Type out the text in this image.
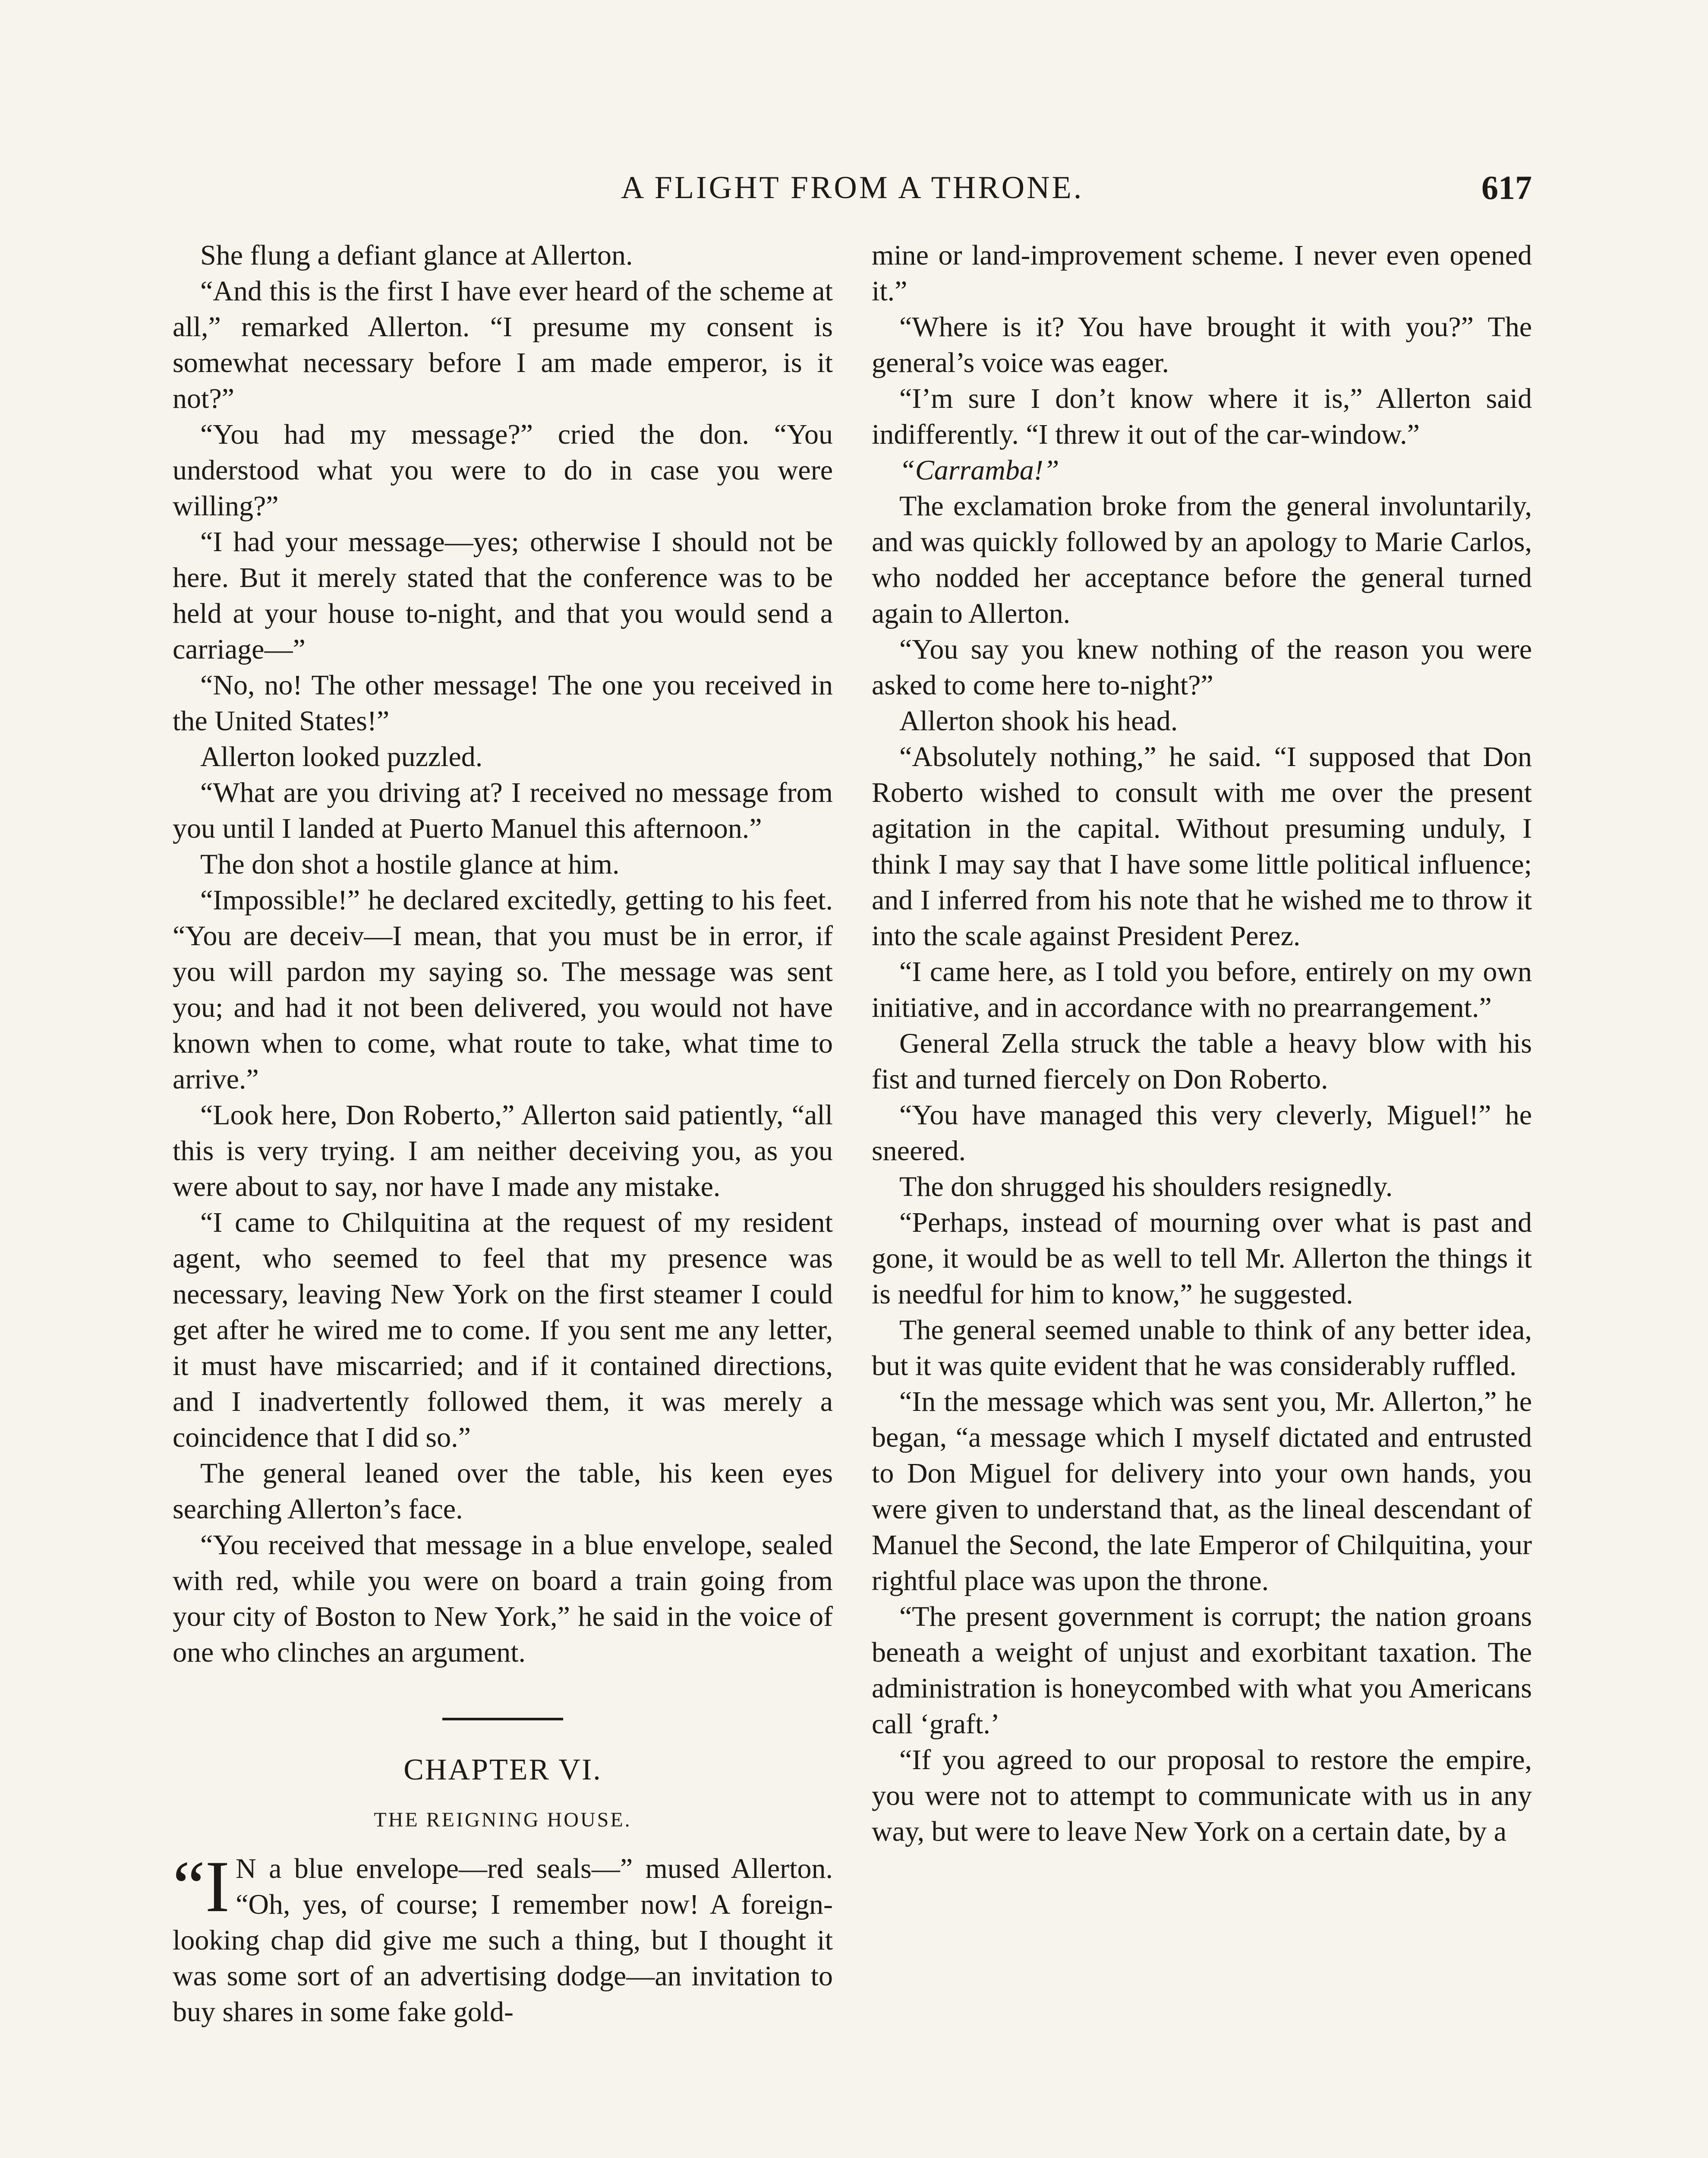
A FLIGHT FROM A THRONE.	617

She flung a defiant glance at Allerton.

“And this is the first I have ever heard of the scheme at all,” remarked Allerton. “I presume my consent is somewhat necessary before I am made emperor, is it not?”

“You had my message?” cried the don. “You understood what you were to do in case you were willing?”

“I had your message—yes; otherwise I should not be here. But it merely stated that the conference was to be held at your house to-night, and that you would send a carriage—”

“No, no! The other message! The one you received in the United States!”

Allerton looked puzzled.

“What are you driving at? I received no message from you until I landed at Puerto Manuel this afternoon.”

The don shot a hostile glance at him.

“Impossible!” he declared excitedly, getting to his feet. “You are deceiv—I mean, that you must be in error, if you will pardon my saying so. The message was sent you; and had it not been delivered, you would not have known when to come, what route to take, what time to arrive.”

“Look here, Don Roberto,” Allerton said patiently, “all this is very trying. I am neither deceiving you, as you were about to say, nor have I made any mistake.

“I came to Chilquitina at the request of my resident agent, who seemed to feel that my presence was necessary, leaving New York on the first steamer I could get after he wired me to come. If you sent me any letter, it must have miscarried; and if it contained directions, and I inadvertently followed them, it was merely a coincidence that I did so.”

The general leaned over the table, his keen eyes searching Allerton’s face.

“You received that message in a blue envelope, sealed with red, while you were on board a train going from your city of Boston to New York,” he said in the voice of one who clinches an argument.

CHAPTER VI.
THE REIGNING HOUSE.

“I N a blue envelope—red seals—” mused Allerton. “Oh, yes, of course; I remember now! A foreign-looking chap did give me such a thing, but I thought it was some sort of an advertising dodge—an invitation to buy shares in some fake gold-

mine or land-improvement scheme. I never even opened it.”

“Where is it? You have brought it with you?” The general’s voice was eager.

“I’m sure I don’t know where it is,” Allerton said indifferently. “I threw it out of the car-window.”

“Carramba!”

The exclamation broke from the general involuntarily, and was quickly followed by an apology to Marie Carlos, who nodded her acceptance before the general turned again to Allerton.

“You say you knew nothing of the reason you were asked to come here to-night?”

Allerton shook his head.

“Absolutely nothing,” he said. “I supposed that Don Roberto wished to consult with me over the present agitation in the capital. Without presuming unduly, I think I may say that I have some little political influence; and I inferred from his note that he wished me to throw it into the scale against President Perez.

“I came here, as I told you before, entirely on my own initiative, and in accordance with no prearrangement.”

General Zella struck the table a heavy blow with his fist and turned fiercely on Don Roberto.

“You have managed this very cleverly, Miguel!” he sneered.

The don shrugged his shoulders resignedly.

“Perhaps, instead of mourning over what is past and gone, it would be as well to tell Mr. Allerton the things it is needful for him to know,” he suggested.

The general seemed unable to think of any better idea, but it was quite evident that he was considerably ruffled.

“In the message which was sent you, Mr. Allerton,” he began, “a message which I myself dictated and entrusted to Don Miguel for delivery into your own hands, you were given to understand that, as the lineal descendant of Manuel the Second, the late Emperor of Chilquitina, your rightful place was upon the throne.

“The present government is corrupt; the nation groans beneath a weight of unjust and exorbitant taxation. The administration is honeycombed with what you Americans call ‘graft.’

“If you agreed to our proposal to restore the empire, you were not to attempt to communicate with us in any way, but were to leave New York on a certain date, by a
